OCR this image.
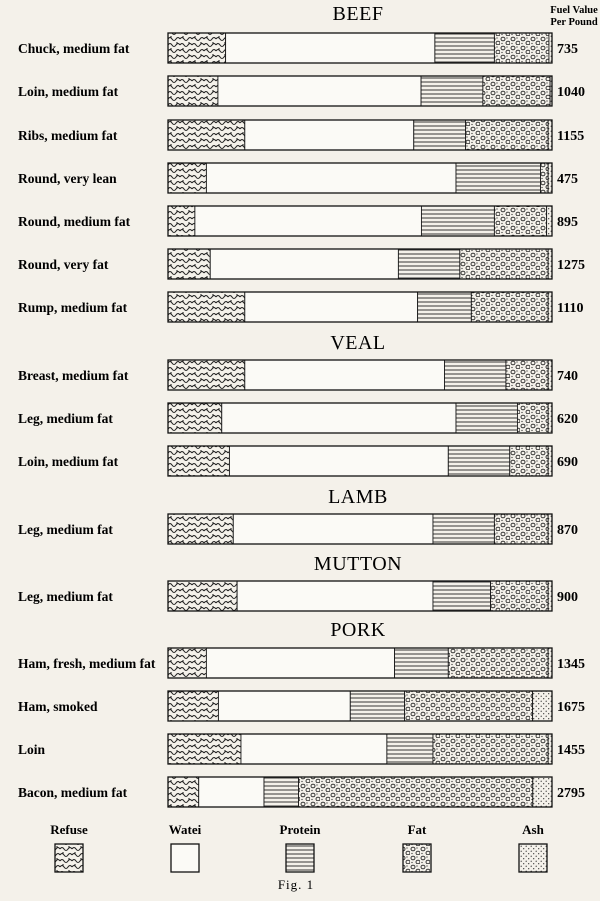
Fuel Value
Per Pound
BEEF
Chuck, medium fat	735
Loin, medium fat	1040
Ribs, medium fat	1155
Round, very lean	475
Round, medium fat	895
Round, very fat	1275
Rump, medium fat	1110
VEAL
Breast, medium fat	740
Leg, medium fat	620
Loin, medium fat	690
LAMB
Leg, medium fat	870
MUTTON
Leg, medium fat	900
PORK
Ham, fresh, medium fat	1345
Ham, smoked	1675
Loin	1455
Bacon, medium fat	2795
Refuse	Watei	Protein	Fat	Ash
Fig. 1
